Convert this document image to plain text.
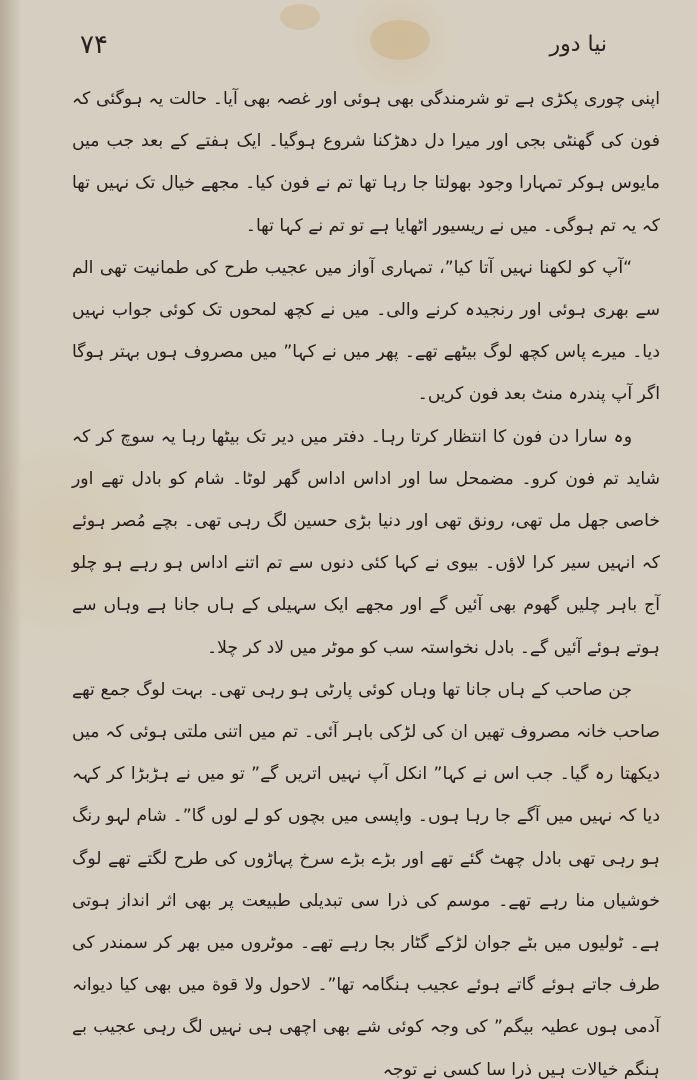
۷۴	نیا دور

اپنی چوری پکڑی ہے تو شرمندگی بھی ہوئی اور غصہ بھی آیا۔ حالت یہ ہوگئی کہ فون کی گھنٹی بجی اور میرا دل دھڑکنا شروع ہوگیا۔ ایک ہفتے کے بعد جب میں مایوس ہوکر تمہارا وجود بھولتا جا رہا تھا تم نے فون کیا۔ مجھے خیال تک نہیں تھا کہ یہ تم ہوگی۔ میں نے ریسیور اٹھایا ہے تو تم نے کہا تھا۔

“آپ کو لکھنا نہیں آتا کیا”، تمہاری آواز میں عجیب طرح کی طمانیت تھی الم سے بھری ہوئی اور رنجیدہ کرنے والی۔ میں نے کچھ لمحوں تک کوئی جواب نہیں دیا۔ میرے پاس کچھ لوگ بیٹھے تھے۔ پھر میں نے کہا” میں مصروف ہوں بہتر ہوگا اگر آپ پندرہ منٹ بعد فون کریں۔

وہ سارا دن فون کا انتظار کرتا رہا۔ دفتر میں دیر تک بیٹھا رہا یہ سوچ کر کہ شاید تم فون کرو۔ مضمحل سا اور اداس اداس گھر لوٹا۔ شام کو بادل تھے اور خاصی جھل مل تھی، رونق تھی اور دنیا بڑی حسین لگ رہی تھی۔ بچے مُصر ہوئے کہ انہیں سیر کرا لاؤں۔ بیوی نے کہا کئی دنوں سے تم اتنے اداس ہو رہے ہو چلو آج باہر چلیں گھوم بھی آئیں گے اور مجھے ایک سہیلی کے ہاں جانا ہے وہاں سے ہوتے ہوئے آئیں گے۔ بادل نخواستہ سب کو موٹر میں لاد کر چلا۔

جن صاحب کے ہاں جانا تھا وہاں کوئی پارٹی ہو رہی تھی۔ بہت لوگ جمع تھے صاحب خانہ مصروف تھیں ان کی لڑکی باہر آئی۔ تم میں اتنی ملتی ہوئی کہ میں دیکھتا رہ گیا۔ جب اس نے کہا” انکل آپ نہیں اتریں گے” تو میں نے ہڑبڑا کر کہہ دیا کہ نہیں میں آگے جا رہا ہوں۔ واپسی میں بچوں کو لے لوں گا”۔ شام لہو رنگ ہو رہی تھی بادل چھٹ گئے تھے اور بڑے بڑے سرخ پہاڑوں کی طرح لگتے تھے لوگ خوشیاں منا رہے تھے۔ موسم کی ذرا سی تبدیلی طبیعت پر بھی اثر انداز ہوتی ہے۔ ٹولیوں میں بٹے جوان لڑکے گٹار بجا رہے تھے۔ موٹروں میں بھر کر سمندر کی طرف جاتے ہوئے گاتے ہوئے عجیب ہنگامہ تھا”۔ لاحول ولا قوة میں بھی کیا دیوانہ آدمی ہوں عطیہ بیگم” کی وجہ کوئی شے بھی اچھی ہی نہیں لگ رہی عجیب بے ہنگم خیالات ہیں ذرا سا کسی نے توجہ
